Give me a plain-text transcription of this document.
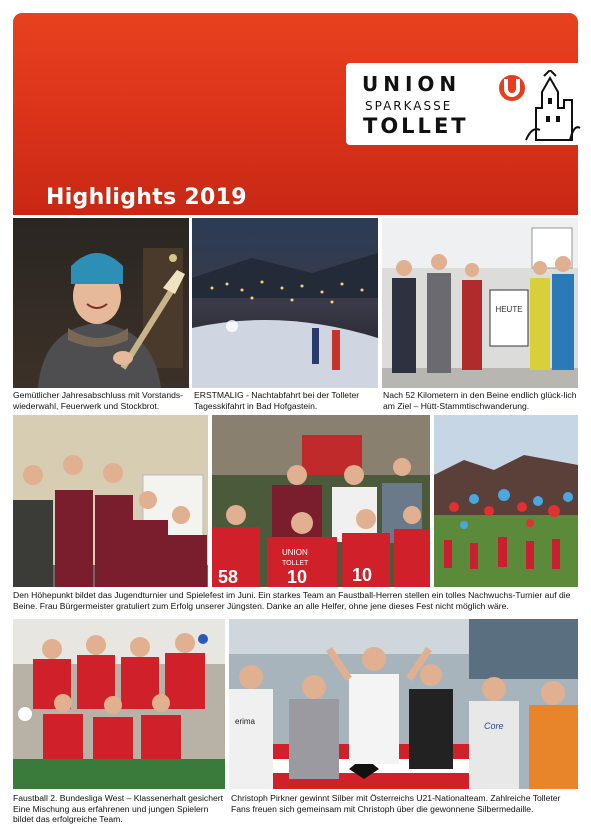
UNION
SPARKASSE
TOLLET
Highlights 2019

Gemütlicher Jahresabschluss mit Vorstands-wiederwahl, Feuerwerk und Stockbrot.

ERSTMALIG - Nachtabfahrt bei der Tolleter Tagesskifahrt in Bad Hofgastein.

HEUTE

Nach 52 Kilometern in den Beine endlich glück-lich am Ziel – Hütt-Stammtischwanderung.

UNION
TOLLET
58	10 10

Den Höhepunkt bildet das Jugendturnier und Spielefest im Juni. Ein starkes Team an Faustball-Herren stellen ein tolles Nachwuchs-Turnier auf die Beine. Frau Bürgermeister gratuliert zum Erfolg unserer Jüngsten. Danke an alle Helfer, ohne jene dieses Fest nicht möglich wäre.

Faustball 2. Bundesliga West – Klassenerhalt gesichert Eine Mischung aus erfahrenen und jungen Spielern bildet das erfolgreiche Team.

erima	Core

Christoph Pirkner gewinnt Silber mit Österreichs U21-Nationalteam. Zahlreiche Tolleter Fans freuen sich gemeinsam mit Christoph über die gewonnene Silbermedaille.
